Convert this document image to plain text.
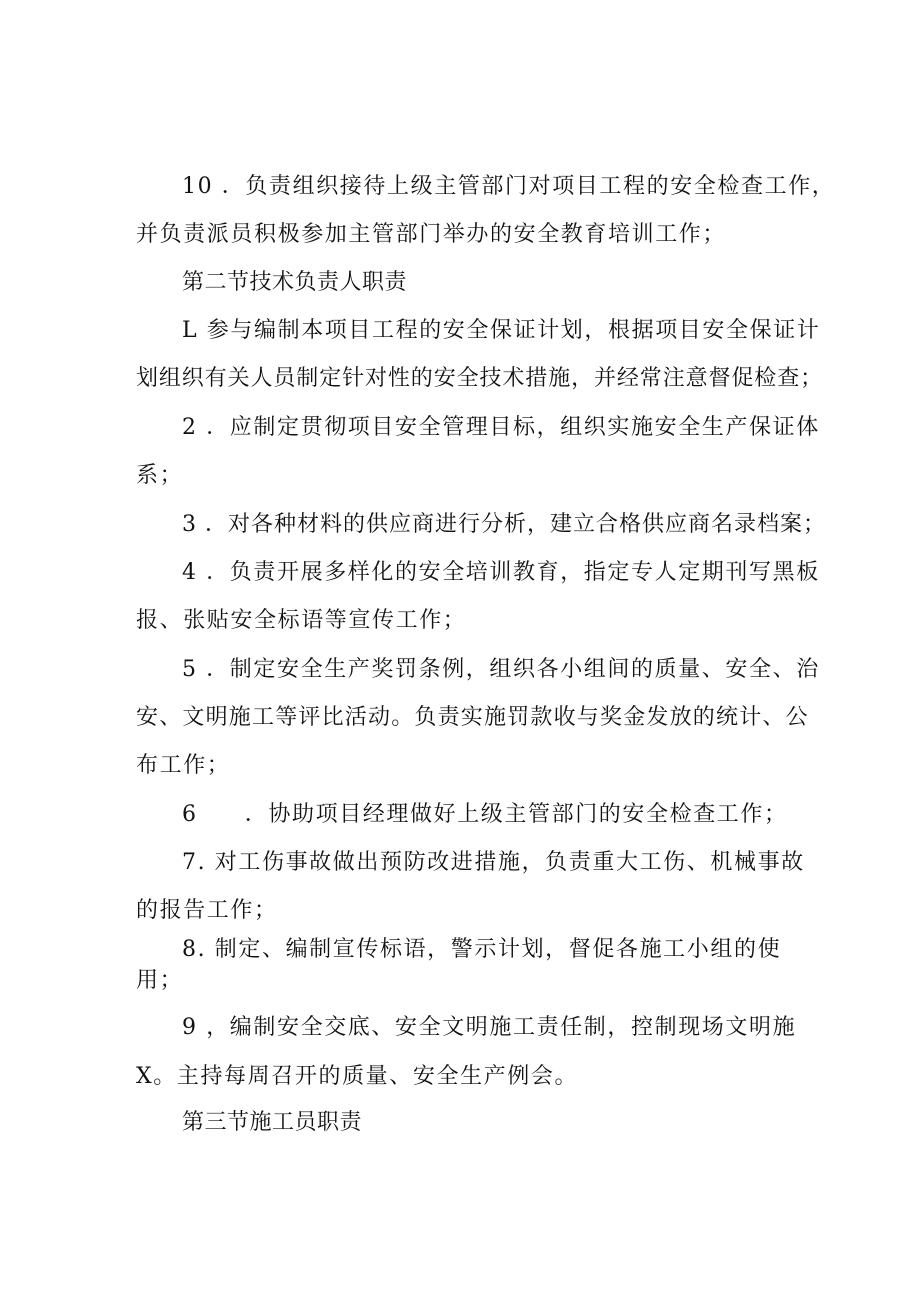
10 ．负责组织接待上级主管部门对项目工程的安全检查工作，
并负责派员积极参加主管部门举办的安全教育培训工作；
第二节技术负责人职责
L 参与编制本项目工程的安全保证计划，根据项目安全保证计
划组织有关人员制定针对性的安全技术措施，并经常注意督促检查；
2 ．应制定贯彻项目安全管理目标，组织实施安全生产保证体
系；
3 ．对各种材料的供应商进行分析，建立合格供应商名录档案；
4 ．负责开展多样化的安全培训教育，指定专人定期刊写黑板
报、张贴安全标语等宣传工作；
5 ．制定安全生产奖罚条例，组织各小组间的质量、安全、治
安、文明施工等评比活动。负责实施罚款收与奖金发放的统计、公
布工作；
6　　．协助项目经理做好上级主管部门的安全检查工作；
7. 对工伤事故做出预防改进措施，负责重大工伤、机械事故
的报告工作；
8. 制定、编制宣传标语，警示计划，督促各施工小组的使
用；
9 ，编制安全交底、安全文明施工责任制，控制现场文明施
X。主持每周召开的质量、安全生产例会。
第三节施工员职责
